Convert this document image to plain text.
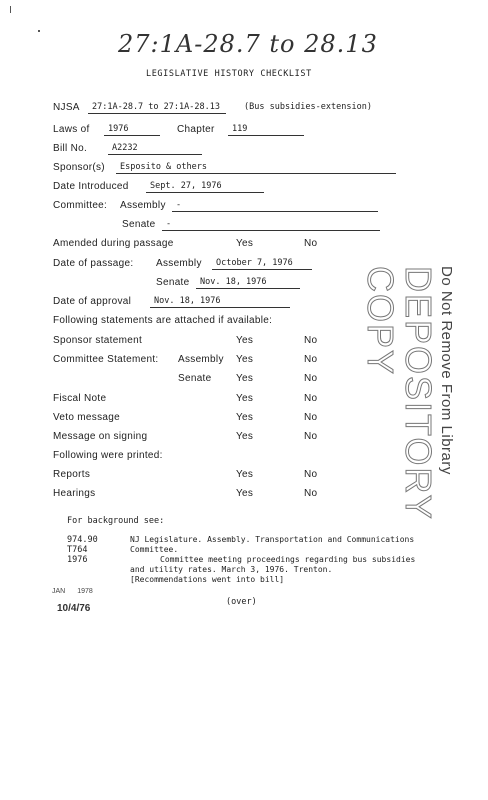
27:1A-28.7 to 28.13
LEGISLATIVE HISTORY CHECKLIST
NJSA	27:1A-28.7 to 27:1A-28.13	(Bus subsidies-extension)
Laws of	1976	Chapter	119
Bill No.	A2232
Sponsor(s)	Esposito & others
Date Introduced	Sept. 27, 1976
Committee: Assembly	-
Senate	-
Amended during passage	Yes	No
Date of passage: Assembly	October 7, 1976
Senate	Nov. 18, 1976
Date of approval	Nov. 18, 1976
Following statements are attached if available:
Sponsor statement	Yes	No
Committee Statement: Assembly Yes	No
Senate Yes	No
Fiscal Note	Yes	No
Veto message	Yes	No
Message on signing	Yes	No
Following were printed:
Reports	Yes	No
Hearings	Yes	No
For background see:
974.90
T764
1976
NJ Legislature. Assembly. Transportation and Communications
Committee.
Committee meeting proceedings regarding bus subsidies
and utility rates. March 3, 1976. Trenton.
[Recommendations went into bill]
JAN 1978
10/4/76
(over)
Do Not Remove From Library
DEPOSITORY COPY
